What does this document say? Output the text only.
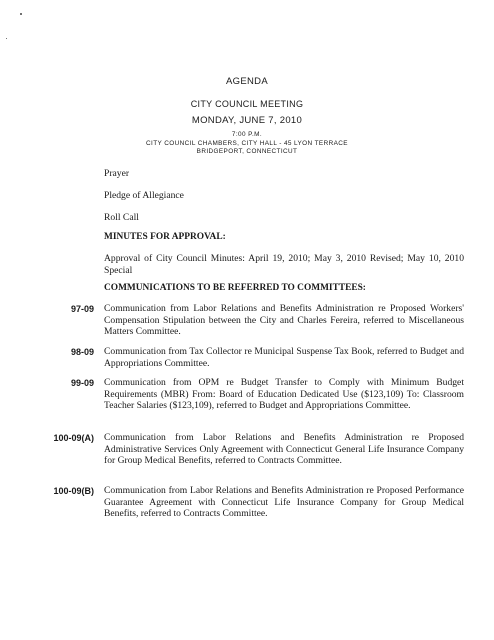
AGENDA
CITY COUNCIL MEETING
MONDAY, JUNE 7, 2010
7:00 P.M.
CITY COUNCIL CHAMBERS, CITY HALL - 45 LYON TERRACE
BRIDGEPORT, CONNECTICUT
Prayer
Pledge of Allegiance
Roll Call
MINUTES FOR APPROVAL:
Approval of City Council Minutes: April 19, 2010; May 3, 2010 Revised; May 10, 2010 Special
COMMUNICATIONS TO BE REFERRED TO COMMITTEES:
97-09 Communication from Labor Relations and Benefits Administration re Proposed Workers' Compensation Stipulation between the City and Charles Fereira, referred to Miscellaneous Matters Committee.
98-09 Communication from Tax Collector re Municipal Suspense Tax Book, referred to Budget and Appropriations Committee.
99-09 Communication from OPM re Budget Transfer to Comply with Minimum Budget Requirements (MBR) From: Board of Education Dedicated Use ($123,109) To: Classroom Teacher Salaries ($123,109), referred to Budget and Appropriations Committee.
100-09(A) Communication from Labor Relations and Benefits Administration re Proposed Administrative Services Only Agreement with Connecticut General Life Insurance Company for Group Medical Benefits, referred to Contracts Committee.
100-09(B) Communication from Labor Relations and Benefits Administration re Proposed Performance Guarantee Agreement with Connecticut Life Insurance Company for Group Medical Benefits, referred to Contracts Committee.
